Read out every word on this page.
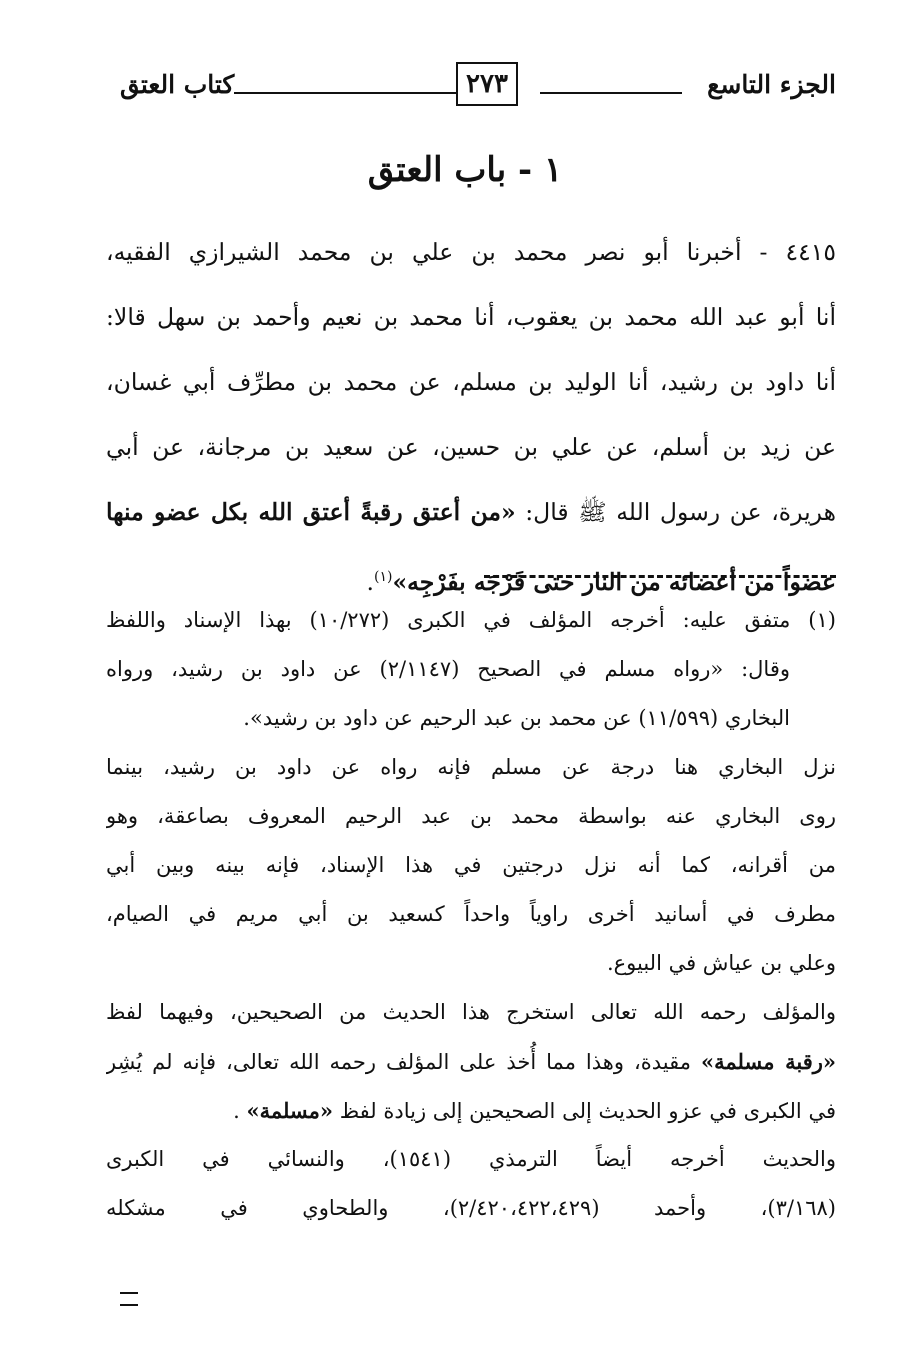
الجزء التاسع
٢٧٣
كتاب العتق
١ - باب العتق
٤٤١٥ - أخبرنا أبو نصر محمد بن علي بن محمد الشيرازي الفقيه،
أنا أبو عبد الله محمد بن يعقوب، أنا محمد بن نعيم وأحمد بن سهل قالا:
أنا داود بن رشيد، أنا الوليد بن مسلم، عن محمد بن مطرِّف أبي غسان،
عن زيد بن أسلم، عن علي بن حسين، عن سعيد بن مرجانة، عن أبي
هريرة، عن رسول الله ﷺ قال: «من أعتق رقبةً أعتق الله بكل عضو منها
عضواً من أعضائه من النار حتى فَرْجَه بفَرْجِه»$^{(١)}$.
(١) متفق عليه: أخرجه المؤلف في الكبرى (١٠/٢٧٢) بهذا الإسناد واللفظ
وقال: «رواه مسلم في الصحيح (٢/١١٤٧) عن داود بن رشيد، ورواه
البخاري (١١/٥٩٩) عن محمد بن عبد الرحيم عن داود بن رشيد».
نزل البخاري هنا درجة عن مسلم فإنه رواه عن داود بن رشيد، بينما
روى البخاري عنه بواسطة محمد بن عبد الرحيم المعروف بصاعقة، وهو
من أقرانه، كما أنه نزل درجتين في هذا الإسناد، فإنه بينه وبين أبي
مطرف في أسانيد أخرى راوياً واحداً كسعيد بن أبي مريم في الصيام،
وعلي بن عياش في البيوع.
والمؤلف رحمه الله تعالى استخرج هذا الحديث من الصحيحين، وفيهما لفظ
«رقبة مسلمة» مقيدة، وهذا مما أُخذ على المؤلف رحمه الله تعالى، فإنه لم يُشِر
في الكبرى في عزو الحديث إلى الصحيحين إلى زيادة لفظ «مسلمة» .
والحديث أخرجه أيضاً الترمذي (١٥٤١)، والنسائي في الكبرى
(٣/١٦٨)، وأحمد (٢/٤٢٠،٤٢٢،٤٢٩)، والطحاوي في مشكله
